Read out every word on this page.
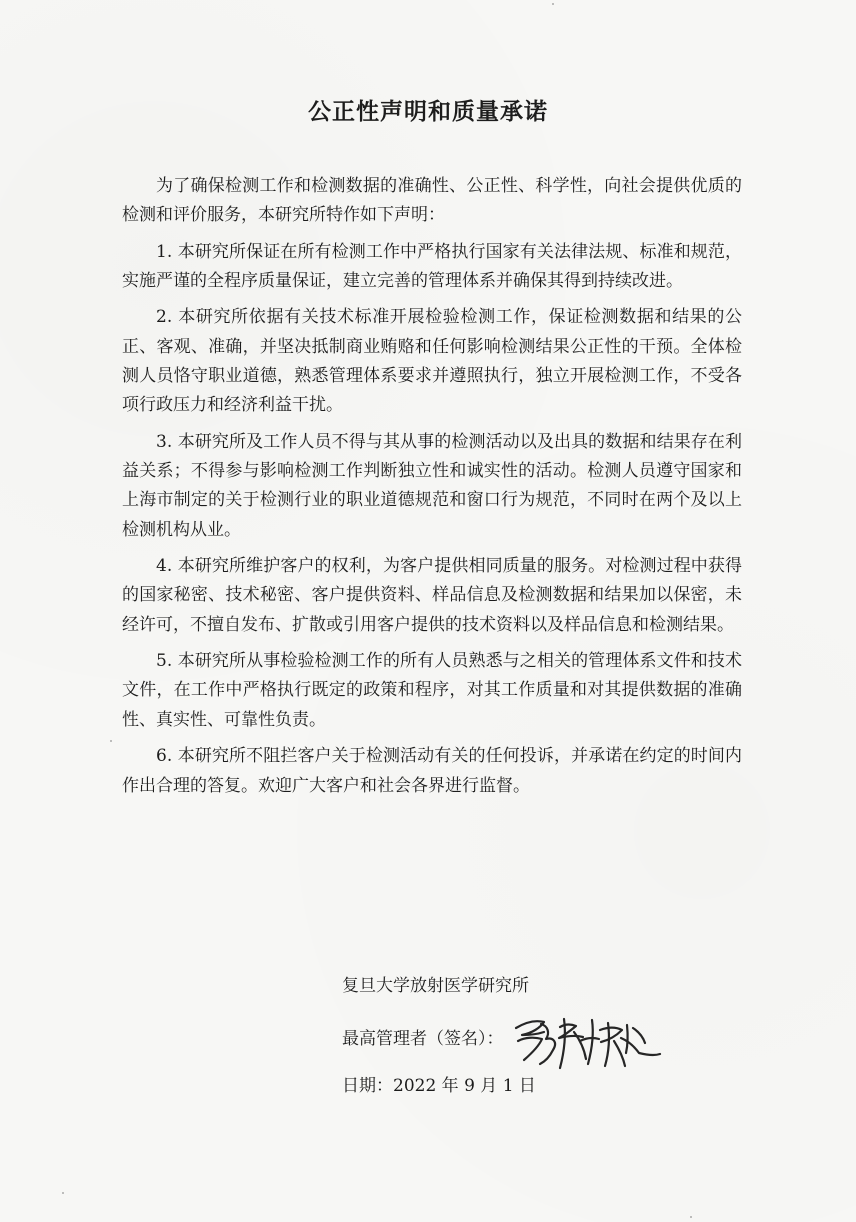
公正性声明和质量承诺

为了确保检测工作和检测数据的准确性、公正性、科学性，向社会提供优质的检测和评价服务，本研究所特作如下声明：

1. 本研究所保证在所有检测工作中严格执行国家有关法律法规、标准和规范，实施严谨的全程序质量保证，建立完善的管理体系并确保其得到持续改进。

2. 本研究所依据有关技术标准开展检验检测工作，保证检测数据和结果的公正、客观、准确，并坚决抵制商业贿赂和任何影响检测结果公正性的干预。全体检测人员恪守职业道德，熟悉管理体系要求并遵照执行，独立开展检测工作，不受各项行政压力和经济利益干扰。

3. 本研究所及工作人员不得与其从事的检测活动以及出具的数据和结果存在利益关系；不得参与影响检测工作判断独立性和诚实性的活动。检测人员遵守国家和上海市制定的关于检测行业的职业道德规范和窗口行为规范，不同时在两个及以上检测机构从业。

4. 本研究所维护客户的权利，为客户提供相同质量的服务。对检测过程中获得的国家秘密、技术秘密、客户提供资料、样品信息及检测数据和结果加以保密，未经许可，不擅自发布、扩散或引用客户提供的技术资料以及样品信息和检测结果。

5. 本研究所从事检验检测工作的所有人员熟悉与之相关的管理体系文件和技术文件，在工作中严格执行既定的政策和程序，对其工作质量和对其提供数据的准确性、真实性、可靠性负责。

6. 本研究所不阻拦客户关于检测活动有关的任何投诉，并承诺在约定的时间内作出合理的答复。欢迎广大客户和社会各界进行监督。

复旦大学放射医学研究所
最高管理者（签名）：
日期：2022 年 9 月 1 日
